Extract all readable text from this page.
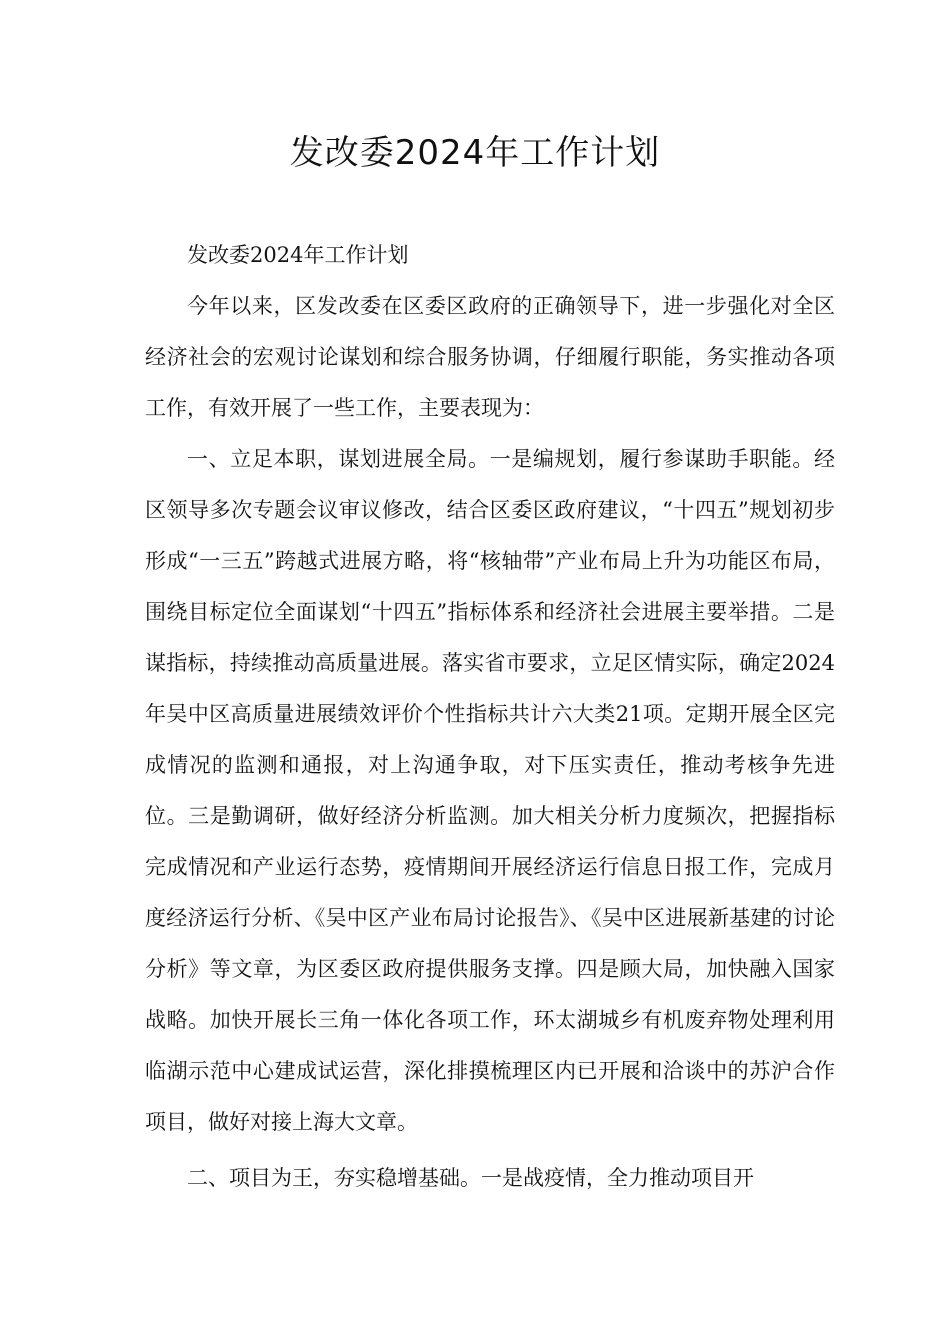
发改委2024年工作计划

发改委2024年工作计划

今年以来，区发改委在区委区政府的正确领导下，进一步强化对全区经济社会的宏观讨论谋划和综合服务协调，仔细履行职能，务实推动各项工作，有效开展了一些工作，主要表现为：

一、立足本职，谋划进展全局。一是编规划，履行参谋助手职能。经区领导多次专题会议审议修改，结合区委区政府建议，“十四五”规划初步形成“一三五”跨越式进展方略，将“核轴带”产业布局上升为功能区布局，围绕目标定位全面谋划“十四五”指标体系和经济社会进展主要举措。二是谋指标，持续推动高质量进展。落实省市要求，立足区情实际，确定2024年吴中区高质量进展绩效评价个性指标共计六大类21项。定期开展全区完成情况的监测和通报，对上沟通争取，对下压实责任，推动考核争先进位。三是勤调研，做好经济分析监测。加大相关分析力度频次，把握指标完成情况和产业运行态势，疫情期间开展经济运行信息日报工作，完成月度经济运行分析、《吴中区产业布局讨论报告》、《吴中区进展新基建的讨论分析》等文章，为区委区政府提供服务支撑。四是顾大局，加快融入国家战略。加快开展长三角一体化各项工作，环太湖城乡有机废弃物处理利用临湖示范中心建成试运营，深化排摸梳理区内已开展和洽谈中的苏沪合作项目，做好对接上海大文章。

二、项目为王，夯实稳增基础。一是战疫情，全力推动项目开
